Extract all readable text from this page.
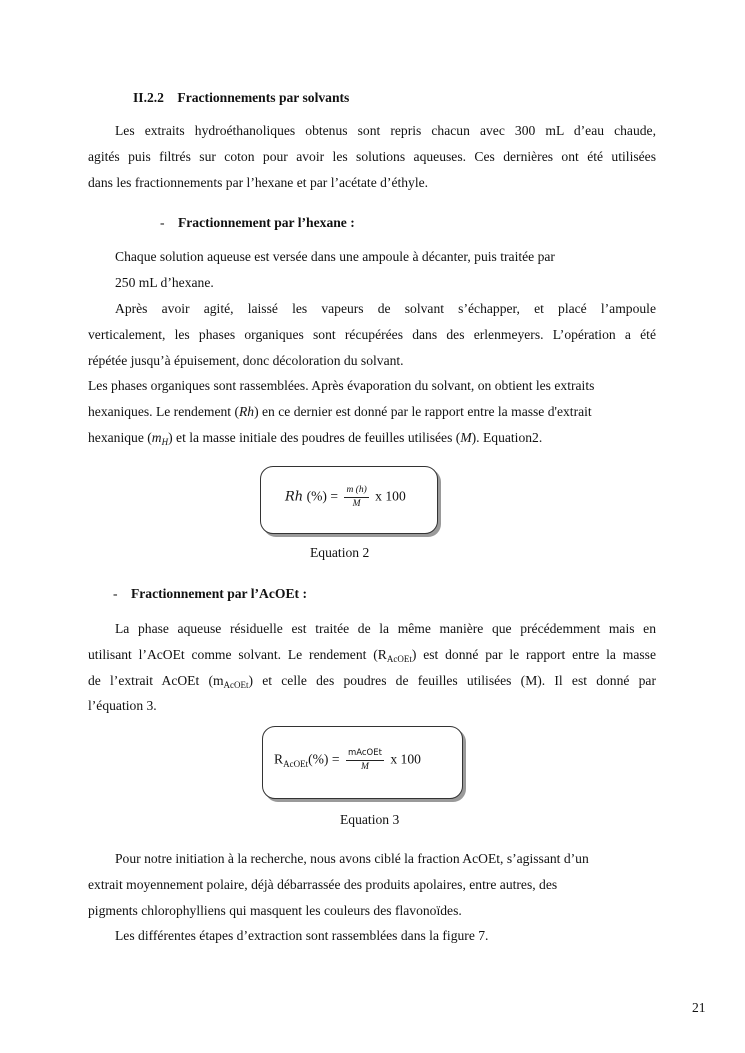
II.2.2 Fractionnements par solvants
Les extraits hydroéthanoliques obtenus sont repris chacun avec 300 mL d’eau chaude,
agités puis filtrés sur coton pour avoir les solutions aqueuses. Ces dernières ont été utilisées
dans les fractionnements par l’hexane et par l’acétate d’éthyle.
- Fractionnement par l’hexane :
Chaque solution aqueuse est versée dans une ampoule à décanter, puis traitée par
250 mL d’hexane.
Après avoir agité, laissé les vapeurs de solvant s’échapper, et placé l’ampoule
verticalement, les phases organiques sont récupérées dans des erlenmeyers. L’opération a été
répétée jusqu’à épuisement, donc décoloration du solvant.
Les phases organiques sont rassemblées. Après évaporation du solvant, on obtient les extraits
hexaniques. Le rendement (Rh) en ce dernier est donné par le rapport entre la masse d'extrait
hexanique $(m_H)$ et la masse initiale des poudres de feuilles utilisées (M). Equation2.
Rh (%) = $\frac{m (h)}{M}$ x 100
Equation 2
- Fractionnement par l’AcOEt :
La phase aqueuse résiduelle est traitée de la même manière que précédemment mais en
utilisant l’AcOEt comme solvant. Le rendement $(R_{AcOEt})$ est donné par le rapport entre la masse
de l’extrait AcOEt $(m_{AcOEt})$ et celle des poudres de feuilles utilisées (M). Il est donné par
l’équation 3.
$R_{AcOEt}(\%) = \frac{\text{mAcOEt}}{M}$ x 100
Equation 3
Pour notre initiation à la recherche, nous avons ciblé la fraction AcOEt, s’agissant d’un
extrait moyennement polaire, déjà débarrassée des produits apolaires, entre autres, des
pigments chlorophylliens qui masquent les couleurs des flavonoïdes.
Les différentes étapes d’extraction sont rassemblées dans la figure 7.
21
